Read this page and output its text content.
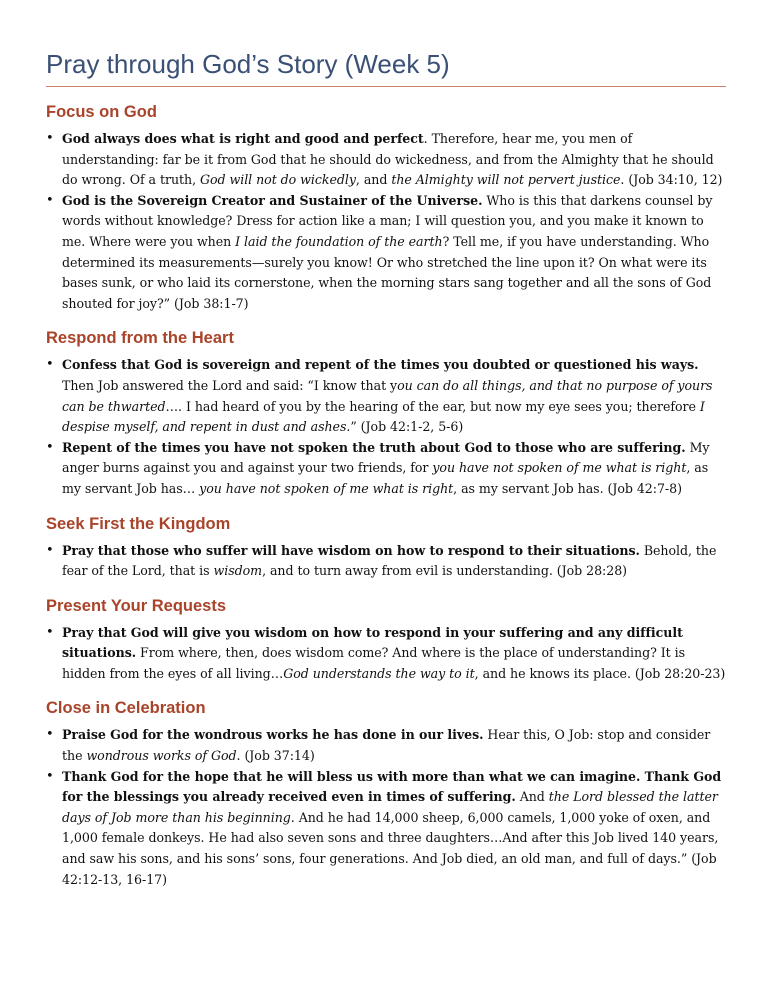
Pray through God’s Story (Week 5)
Focus on God
• God always does what is right and good and perfect. Therefore, hear me, you men of understanding: far be it from God that he should do wickedness, and from the Almighty that he should do wrong. Of a truth, God will not do wickedly, and the Almighty will not pervert justice. (Job 34:10, 12)
• God is the Sovereign Creator and Sustainer of the Universe. Who is this that darkens counsel by words without knowledge? Dress for action like a man; I will question you, and you make it known to me. Where were you when I laid the foundation of the earth? Tell me, if you have understanding. Who determined its measurements—surely you know! Or who stretched the line upon it? On what were its bases sunk, or who laid its cornerstone, when the morning stars sang together and all the sons of God shouted for joy?” (Job 38:1-7)
Respond from the Heart
• Confess that God is sovereign and repent of the times you doubted or questioned his ways. Then Job answered the Lord and said: “I know that you can do all things, and that no purpose of yours can be thwarted…. I had heard of you by the hearing of the ear, but now my eye sees you; therefore I despise myself, and repent in dust and ashes.” (Job 42:1-2, 5-6)
• Repent of the times you have not spoken the truth about God to those who are suffering. My anger burns against you and against your two friends, for you have not spoken of me what is right, as my servant Job has… you have not spoken of me what is right, as my servant Job has. (Job 42:7-8)
Seek First the Kingdom
• Pray that those who suffer will have wisdom on how to respond to their situations. Behold, the fear of the Lord, that is wisdom, and to turn away from evil is understanding. (Job 28:28)
Present Your Requests
• Pray that God will give you wisdom on how to respond in your suffering and any difficult situations. From where, then, does wisdom come? And where is the place of understanding? It is hidden from the eyes of all living…God understands the way to it, and he knows its place. (Job 28:20-23)
Close in Celebration
• Praise God for the wondrous works he has done in our lives. Hear this, O Job: stop and consider the wondrous works of God. (Job 37:14)
• Thank God for the hope that he will bless us with more than what we can imagine. Thank God for the blessings you already received even in times of suffering. And the Lord blessed the latter days of Job more than his beginning. And he had 14,000 sheep, 6,000 camels, 1,000 yoke of oxen, and 1,000 female donkeys. He had also seven sons and three daughters…And after this Job lived 140 years, and saw his sons, and his sons’ sons, four generations. And Job died, an old man, and full of days.” (Job 42:12-13, 16-17)
